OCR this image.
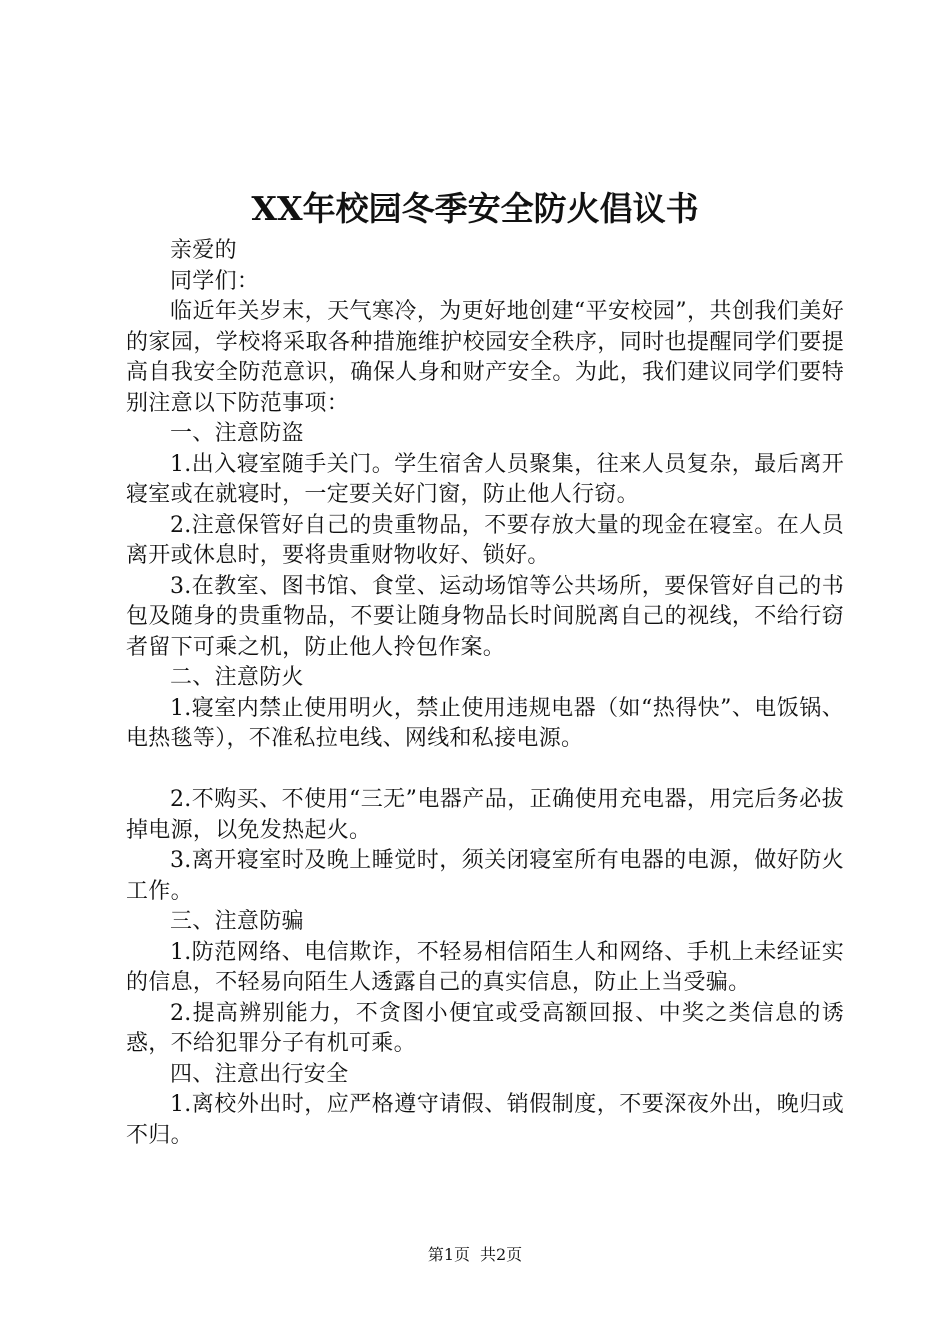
XX年校园冬季安全防火倡议书

亲爱的

同学们：

临近年关岁末，天气寒冷，为更好地创建“平安校园”，共创我们美好的家园，学校将采取各种措施维护校园安全秩序，同时也提醒同学们要提高自我安全防范意识，确保人身和财产安全。为此，我们建议同学们要特别注意以下防范事项：

一、注意防盗

1.出入寝室随手关门。学生宿舍人员聚集，往来人员复杂，最后离开寝室或在就寝时，一定要关好门窗，防止他人行窃。

2.注意保管好自己的贵重物品，不要存放大量的现金在寝室。在人员离开或休息时，要将贵重财物收好、锁好。

3.在教室、图书馆、食堂、运动场馆等公共场所，要保管好自己的书包及随身的贵重物品，不要让随身物品长时间脱离自己的视线，不给行窃者留下可乘之机，防止他人拎包作案。

二、注意防火

1.寝室内禁止使用明火，禁止使用违规电器（如“热得快”、电饭锅、电热毯等），不准私拉电线、网线和私接电源。

2.不购买、不使用“三无”电器产品，正确使用充电器，用完后务必拔掉电源，以免发热起火。

3.离开寝室时及晚上睡觉时，须关闭寝室所有电器的电源，做好防火工作。

三、注意防骗

1.防范网络、电信欺诈，不轻易相信陌生人和网络、手机上未经证实的信息，不轻易向陌生人透露自己的真实信息，防止上当受骗。

2.提高辨别能力，不贪图小便宜或受高额回报、中奖之类信息的诱惑，不给犯罪分子有机可乘。

四、注意出行安全

1.离校外出时，应严格遵守请假、销假制度，不要深夜外出，晚归或不归。

第1页 共2页
